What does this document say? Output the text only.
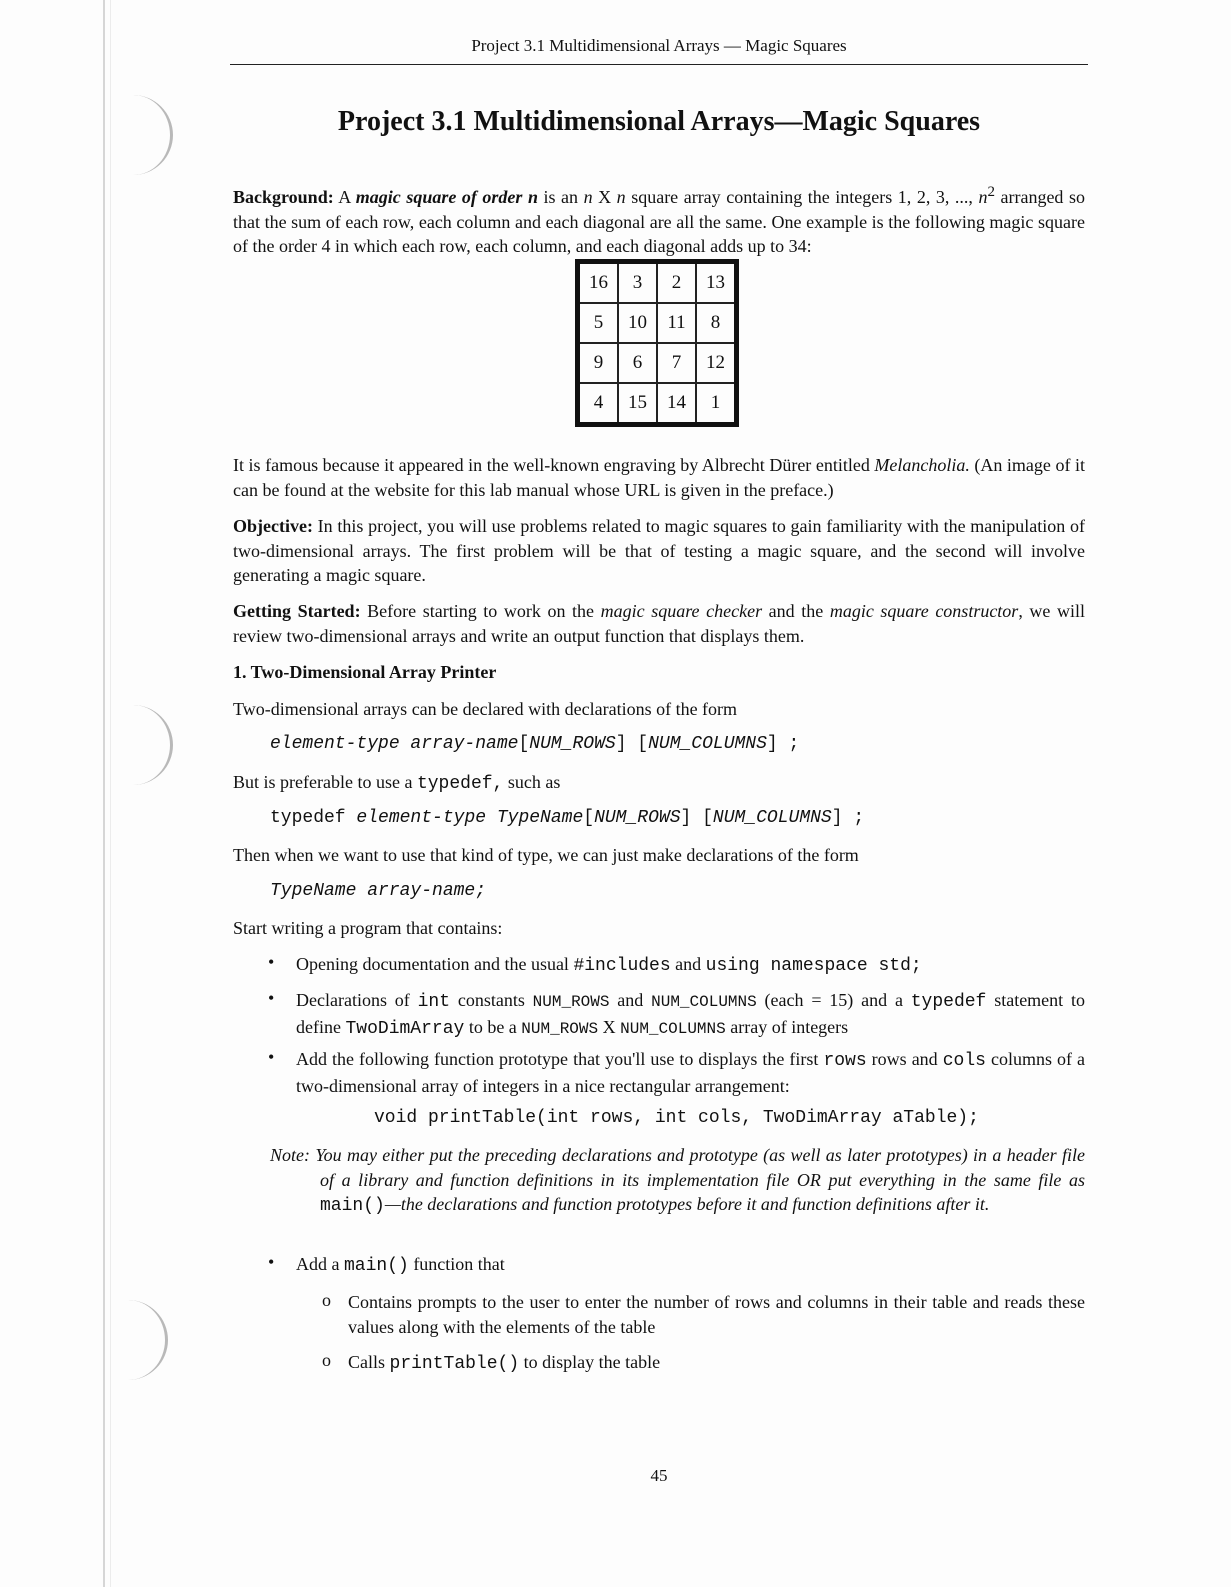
Project 3.1 Multidimensional Arrays — Magic Squares
Project 3.1 Multidimensional Arrays—Magic Squares
Background: A magic square of order n is an n X n square array containing the integers 1, 2, 3, ..., $n^2$ arranged so that the sum of each row, each column and each diagonal are all the same. One example is the following magic square of the order 4 in which each row, each column, and each diagonal adds up to 34:
16	3	2	13
5	10	11	8
9	6	7	12
4	15	14	1
It is famous because it appeared in the well-known engraving by Albrecht Dürer entitled Melancholia. (An image of it can be found at the website for this lab manual whose URL is given in the preface.)
Objective: In this project, you will use problems related to magic squares to gain familiarity with the manipulation of two-dimensional arrays. The first problem will be that of testing a magic square, and the second will involve generating a magic square.
Getting Started: Before starting to work on the magic square checker and the magic square constructor, we will review two-dimensional arrays and write an output function that displays them.
1. Two-Dimensional Array Printer
Two-dimensional arrays can be declared with declarations of the form
element-type array-name[NUM_ROWS] [NUM_COLUMNS] ;
But is preferable to use a typedef, such as
typedef element-type TypeName[NUM_ROWS] [NUM_COLUMNS] ;
Then when we want to use that kind of type, we can just make declarations of the form
TypeName array-name;
Start writing a program that contains:
• Opening documentation and the usual #includes and using namespace std;
• Declarations of int constants NUM_ROWS and NUM_COLUMNS (each = 15) and a typedef statement to define TwoDimArray to be a NUM_ROWS X NUM_COLUMNS array of integers
• Add the following function prototype that you'll use to displays the first rows rows and cols columns of a two-dimensional array of integers in a nice rectangular arrangement:
void printTable(int rows, int cols, TwoDimArray aTable);
Note: You may either put the preceding declarations and prototype (as well as later prototypes) in a header file of a library and function definitions in its implementation file OR put everything in the same file as main()—the declarations and function prototypes before it and function definitions after it.
• Add a main() function that
o Contains prompts to the user to enter the number of rows and columns in their table and reads these values along with the elements of the table
o Calls printTable() to display the table
45
